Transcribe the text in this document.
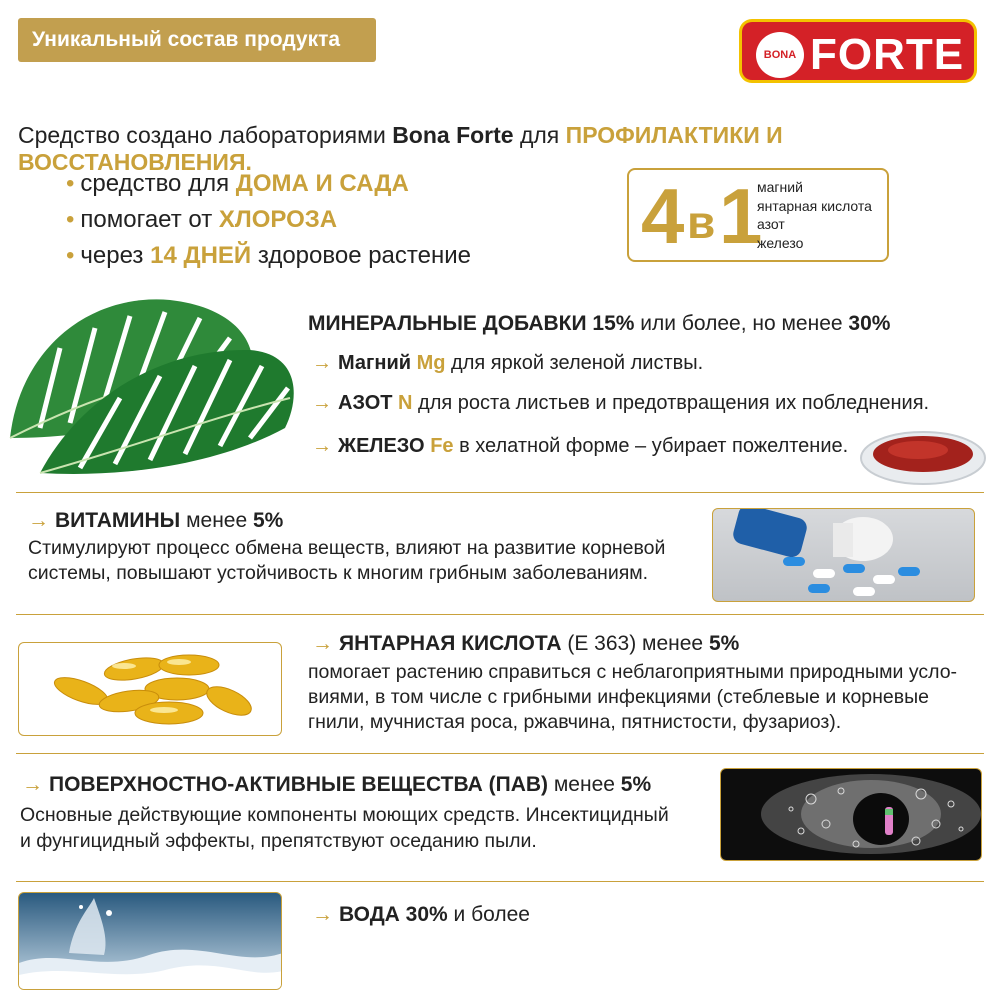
Уникальный состав продукта
BONA FORTE
Средство создано лабораториями Bona Forte для ПРОФИЛАКТИКИ И ВОССТАНОВЛЕНИЯ.
• средство для ДОМА И САДА
• помогает от ХЛОРОЗА
• через 14 ДНЕЙ здоровое растение 4 в 1
магний
янтарная кислота
азот
железо
МИНЕРАЛЬНЫЕ ДОБАВКИ 15% или более, но менее 30%
→ Магний Mg для яркой зеленой листвы.
→ АЗОТ N для роста листьев и предотвращения их побледнения.
→ ЖЕЛЕЗО Fe в хелатной форме – убирает пожелтение.
→ ВИТАМИНЫ менее 5%
Стимулируют процесс обмена веществ, влияют на развитие корневой
системы, повышают устойчивость к многим грибным заболеваниям.
→ ЯНТАРНАЯ КИСЛОТА (Е 363) менее 5%
помогает растению справиться с неблагоприятными природными усло-
виями, в том числе с грибными инфекциями (стеблевые и корневые
гнили, мучнистая роса, ржавчина, пятнистости, фузариоз).
→ ПОВЕРХНОСТНО-АКТИВНЫЕ ВЕЩЕСТВА (ПАВ) менее 5%
Основные действующие компоненты моющих средств. Инсектицидный
и фунгицидный эффекты, препятствуют оседанию пыли.
→ ВОДА 30% и более
